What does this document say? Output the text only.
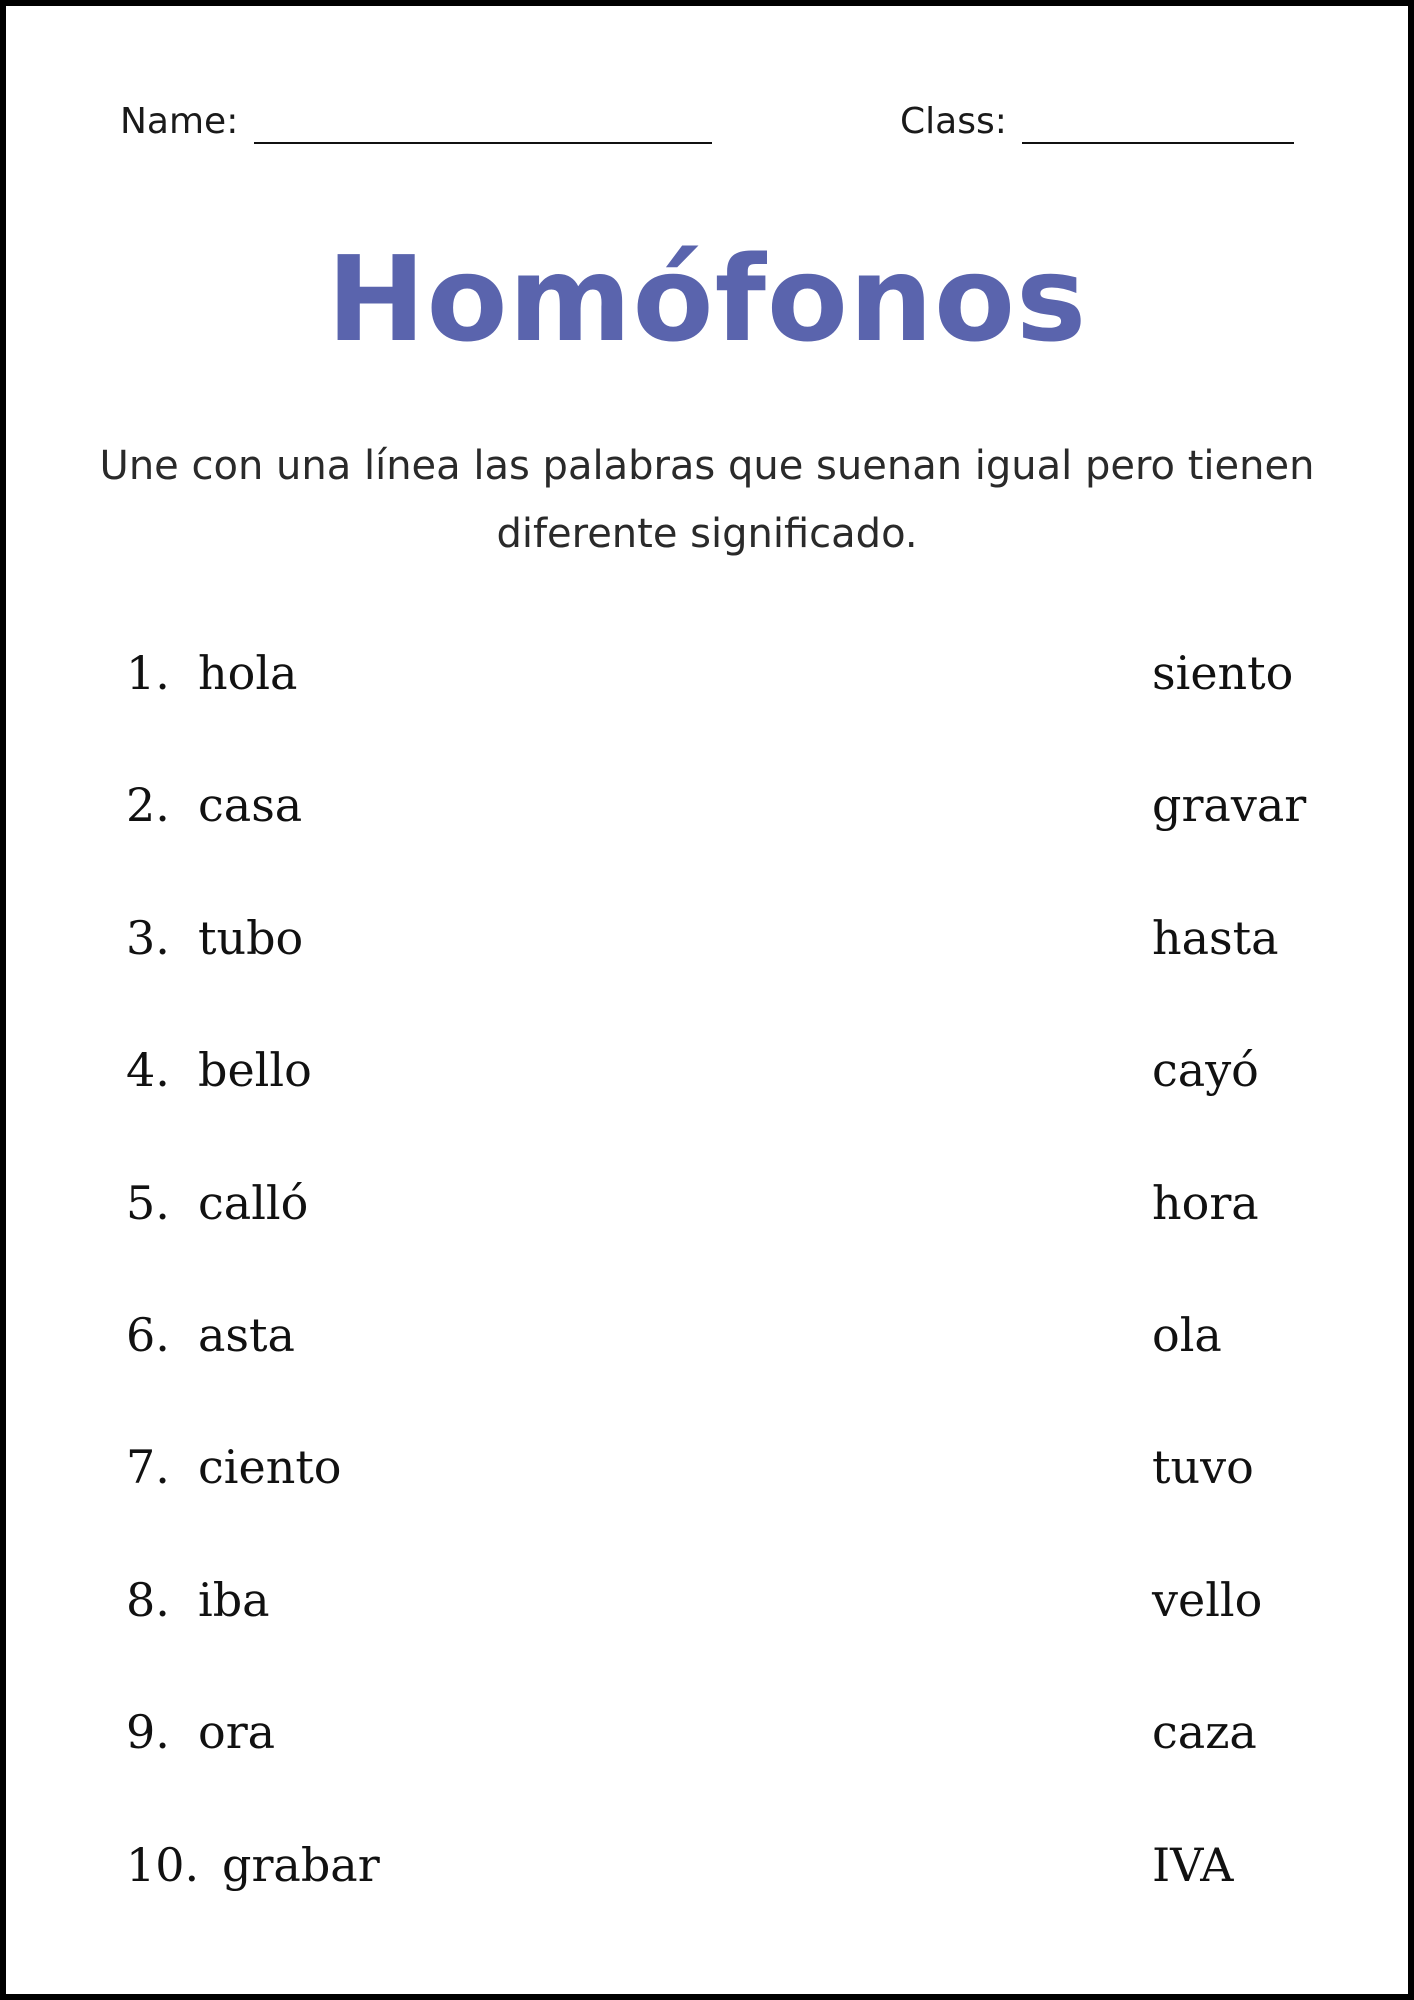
Name:	Class:
Homófonos
Une con una línea las palabras que suenan igual pero tienen diferente significado.
1. hola	siento
2. casa	gravar
3. tubo	hasta
4. bello	cayó
5. calló	hora
6. asta	ola
7. ciento	tuvo
8. iba	vello
9. ora	caza
10. grabar	IVA
